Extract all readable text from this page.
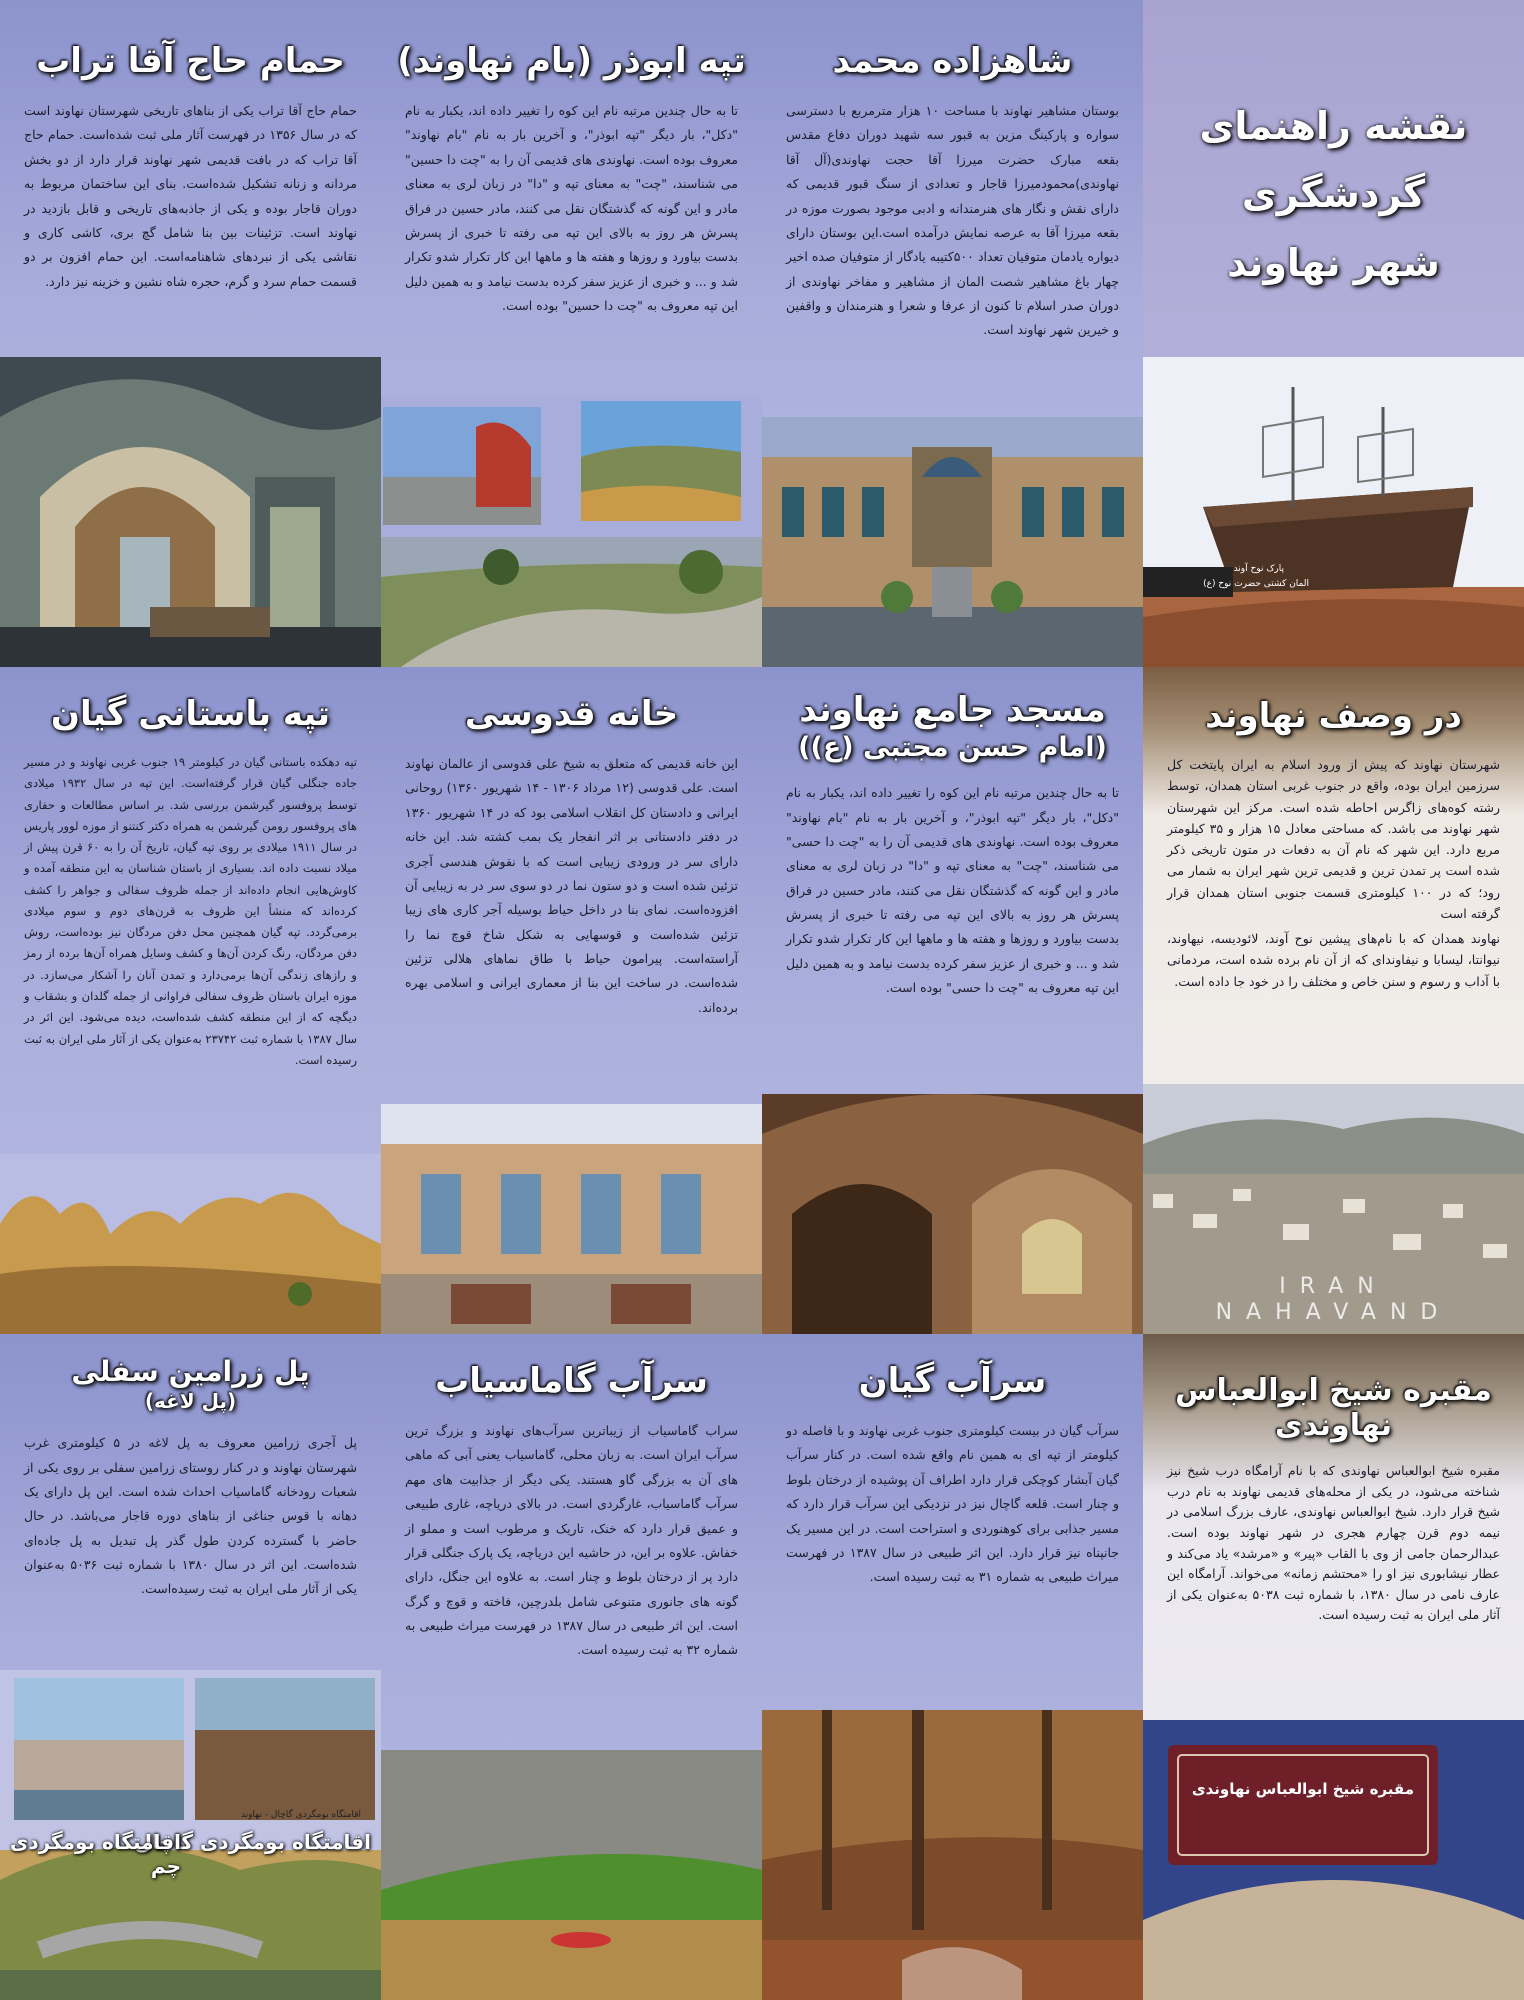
حمام حاج آقا تراب

حمام حاج آقا تراب یکی از بناهای تاریخی شهرستان نهاوند است که در سال ۱۳۵۶ در فهرست آثار ملی ثبت شده‌است. حمام حاج آقا تراب که در بافت قدیمی شهر نهاوند قرار دارد از دو بخش مردانه و زنانه تشکیل شده‌است. بنای این ساختمان مربوط به دوران قاجار بوده و یکی از جاذبه‌های تاریخی و قابل بازدید در نهاوند است. تزئینات بین بنا شامل گچ بری، کاشی کاری و نقاشی یکی از نبردهای شاهنامه‌است. این حمام افزون بر دو قسمت حمام سرد و گرم، حجره شاه نشین و خزینه نیز دارد.

تپه ابوذر (بام نهاوند)

تا به حال چندین مرتبه نام این کوه را تغییر داده اند، یکبار به نام "دکل"، بار دیگر "تپه ابوذر"، و آخرین بار به نام "بام نهاوند" معروف بوده است. نهاوندی های قدیمی آن را به "چت دا حسین" می شناسند، "چت" به معنای تپه و "دا" در زبان لری به معنای مادر و این گونه که گذشتگان نقل می کنند، مادر حسین در فراق پسرش هر روز به بالای این تپه می رفته تا خبری از پسرش بدست بیاورد و روزها و هفته ها و ماهها این کار تکرار شدو تکرار شد و ... و خبری از عزیز سفر کرده بدست نیامد و به همین دلیل این تپه معروف به "چت دا حسین" بوده است.

شاهزاده محمد

بوستان مشاهیر نهاوند با مساحت ۱۰ هزار مترمربع با دسترسی سواره و پارکینگ مزین به قبور سه شهید دوران دفاع مقدس بقعه مبارک حضرت میرزا آقا حجت نهاوندی(آل آقا نهاوندی)محمودمیرزا قاجار و تعدادی از سنگ قبور قدیمی که دارای نقش و نگار های هنرمندانه و ادبی موجود بصورت موزه در بقعه میرزا آقا به عرصه نمایش درآمده است.این بوستان دارای دیواره یادمان متوفیان تعداد ۵۰۰کتیبه یادگار از متوفیان صده اخیر چهار باغ مشاهیر شصت المان از مشاهیر و مفاخر نهاوندی از دوران صدر اسلام تا کنون از عرفا و شعرا و هنرمندان و واقفین و خیرین شهر نهاوند است.

نقشه راهنمای گردشگری
شهر نهاوند
پارک نوح آوند
المان کشتی حضرت نوح (ع)
تپه باستانی گیان

تپه دهکده باستانی گیان در کیلومتر ۱۹ جنوب غربی نهاوند و در مسیر جاده جنگلی گیان قرار گرفته‌است. این تپه در سال ۱۹۳۲ میلادی توسط پروفسور گیرشمن بررسی شد. بر اساس مطالعات و حفاری های پروفسور رومن گیرشمن به همراه دکتر کنتنو از موزه لوور پاریس در سال ۱۹۱۱ میلادی بر روی تپه گیان، تاریخ آن را به ۶۰ قرن پیش از میلاد نسبت داده اند. بسیاری از باستان شناسان به این منطقه آمده و کاوش‌هایی انجام داده‌اند از جمله ظروف سفالی و جواهر را کشف کرده‌اند که منشأ این ظروف به قرن‌های دوم و سوم میلادی برمی‌گردد. تپه گیان همچنین محل دفن مردگان نیز بوده‌است، روش دفن مردگان، رنگ کردن آن‌ها و کشف وسایل همراه آن‌ها برده از رمز و رازهای زندگی آن‌ها برمی‌دارد و تمدن آنان را آشکار می‌سازد. در موزه ایران باستان ظروف سفالی فراوانی از جمله گلدان و بشقاب و دیگچه که از این منطقه کشف شده‌است، دیده می‌شود. این اثر در سال ۱۳۸۷ با شماره ثبت ۲۳۷۴۲ به‌عنوان یکی از آثار ملی ایران به ثبت رسیده است.

خانه قدوسی

این خانه قدیمی که متعلق به شیخ علی قدوسی از عالمان نهاوند است. علی قدوسی (۱۲ مرداد ۱۳۰۶ - ۱۴ شهریور ۱۳۶۰) روحانی ایرانی و دادستان کل انقلاب اسلامی بود که در ۱۴ شهریور ۱۳۶۰ در دفتر دادستانی بر اثر انفجار یک بمب کشته شد. این خانه دارای سر در ورودی زیبایی است که با نقوش هندسی آجری تزئین شده است و دو ستون نما در دو سوی سر در به زیبایی آن افزوده‌است. نمای بنا در داخل حیاط بوسیله آجر کاری های زیبا تزئین شده‌است و قوسهایی به شکل شاخ قوچ نما را آراسته‌است. پیرامون حیاط با طاق نماهای هلالی تزئین شده‌است. در ساخت این بنا از معماری ایرانی و اسلامی بهره برده‌اند.

مسجد جامع نهاوند
(امام حسن مجتبی (ع))

تا به حال چندین مرتبه نام این کوه را تغییر داده اند، یکبار به نام "دکل"، بار دیگر "تپه ابوذر"، و آخرین بار به نام "بام نهاوند" معروف بوده است. نهاوندی های قدیمی آن را به "چت دا حسی" می شناسند، "چت" به معنای تپه و "دا" در زبان لری به معنای مادر و این گونه که گذشتگان نقل می کنند، مادر حسین در فراق پسرش هر روز به بالای این تپه می رفته تا خبری از پسرش بدست بیاورد و روزها و هفته ها و ماهها این کار تکرار شدو تکرار شد و ... و خبری از عزیز سفر کرده بدست نیامد و به همین دلیل این تپه معروف به "چت دا حسی" بوده است.

در وصف نهاوند

شهرستان نهاوند که پیش از ورود اسلام به ایران پایتخت کل سرزمین ایران بوده، واقع در جنوب غربی استان همدان، توسط رشته کوه‌های زاگرس احاطه شده است. مرکز این شهرستان شهر نهاوند می باشد. که مساحتی معادل ۱۵ هزار و ۳۵ کیلومتر مربع دارد. این شهر که نام آن به دفعات در متون تاریخی ذکر شده است پر تمدن ترین و قدیمی ترین شهر ایران به شمار می رود؛ که در ۱۰۰ کیلومتری قسمت جنوبی استان همدان قرار گرفته است

نهاوند همدان که با نام‌های پیشین نوح آوند، لائودیسه، نیهاوند، نیوانتا، لیسابا و نیفاوندای که از آن نام برده شده است، مردمانی با آداب و رسوم و سنن خاص و مختلف را در خود جا داده است.

IRAN
NAHAVAND
پل زرامین سفلی
(پل لاغه)

پل آجری زرامین معروف به پل لاغه در ۵ کیلومتری غرب شهرستان نهاوند و در کنار روستای زرامین سفلی بر روی یکی از شعبات رودخانه گاماسیاب احداث شده است. این پل دارای یک دهانه با قوس جناغی از بناهای دوره قاجار می‌باشد. در حال حاضر با گسترده کردن طول گذر پل تبدیل به پل جاده‌ای شده‌است. این اثر در سال ۱۳۸۰ با شماره ثبت ۵۰۳۶ به‌عنوان یکی از آثار ملی ایران به ثبت رسیده‌است.

اقامتگاه بومگردی گاچال - نهاوند
اقامتگاه بومگردی گاچال
اقامتگاه بومگردی چم
سرآب گاماسیاب

سراب گاماسیاب از زیباترین سرآب‌های نهاوند و بزرگ ترین سرآب ایران است. به زبان محلی، گاماسیاب یعنی آبی که ماهی های آن به بزرگی گاو هستند. یکی دیگر از جذابیت های مهم سرآب گاماسیاب، غارگردی است. در بالای دریاچه، غاری طبیعی و عمیق قرار دارد که خنک، تاریک و مرطوب است و مملو از خفاش. علاوه بر این، در حاشیه این دریاچه، یک پارک جنگلی قرار دارد پر از درختان بلوط و چنار است. به علاوه این جنگل، دارای گونه های جانوری متنوعی شامل بلدرچین، فاخته و قوچ و گرگ است. این اثر طبیعی در سال ۱۳۸۷ در فهرست میراث طبیعی به شماره ۳۲ به ثبت رسیده است.

سرآب گیان

سرآب گیان در بیست کیلومتری جنوب غربی نهاوند و با فاصله دو کیلومتر از تپه ای به همین نام واقع شده است. در کنار سرآب گیان آبشار کوچکی قرار دارد اطراف آن پوشیده از درختان بلوط و چنار است. قلعه گاچال نیز در نزدیکی این سرآب قرار دارد که مسیر جذابی برای کوهنوردی و استراحت است. در این مسیر یک جانپناه نیز قرار دارد. این اثر طبیعی در سال ۱۳۸۷ در فهرست میراث طبیعی به شماره ۳۱ به ثبت رسیده است.

مقبره شیخ ابوالعباس نهاوندی

مقبره شیخ ابوالعباس نهاوندی که با نام آرامگاه درب شیخ نیز شناخته می‌شود، در یکی از محله‌های قدیمی نهاوند به نام درب شیخ قرار دارد. شیخ ابوالعباس نهاوندی، عارف بزرگ اسلامی در نیمه دوم قرن چهارم هجری در شهر نهاوند بوده است. عبدالرحمان جامی از وی با القاب «پیر» و «مرشد» یاد می‌کند و عطار نیشابوری نیز او را «محتشم زمانه» می‌خواند. آرامگاه این عارف نامی در سال ۱۳۸۰، با شماره ثبت ۵۰۳۸ به‌عنوان یکی از آثار ملی ایران به ثبت رسیده است.

مقبره شیخ ابوالعباس نهاوندی
